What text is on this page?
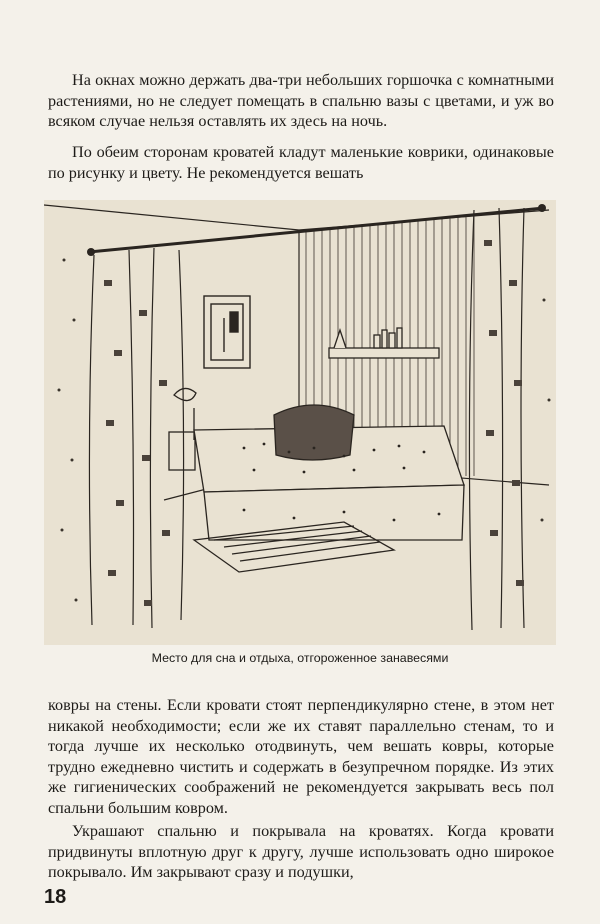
На окнах можно держать два-три небольших горшочка с комнатными растениями, но не следует помещать в спальню вазы с цветами, и уж во всяком случае нельзя оставлять их здесь на ночь.

По обеим сторонам кроватей кладут маленькие коврики, одинаковые по рисунку и цвету. Не рекомендуется вешать

Место для сна и отдыха, отгороженное занавесями

ковры на стены. Если кровати стоят перпендикулярно стене, в этом нет никакой необходимости; если же их ставят параллельно стенам, то и тогда лучше их несколько отодвинуть, чем вешать ковры, которые трудно ежедневно чистить и содержать в безупречном порядке. Из этих же гигиенических соображений не рекомендуется закрывать весь пол спальни большим ковром.

Украшают спальню и покрывала на кроватях. Когда кровати придвинуты вплотную друг к другу, лучше использовать одно широкое покрывало. Им закрывают сразу и подушки,

18
